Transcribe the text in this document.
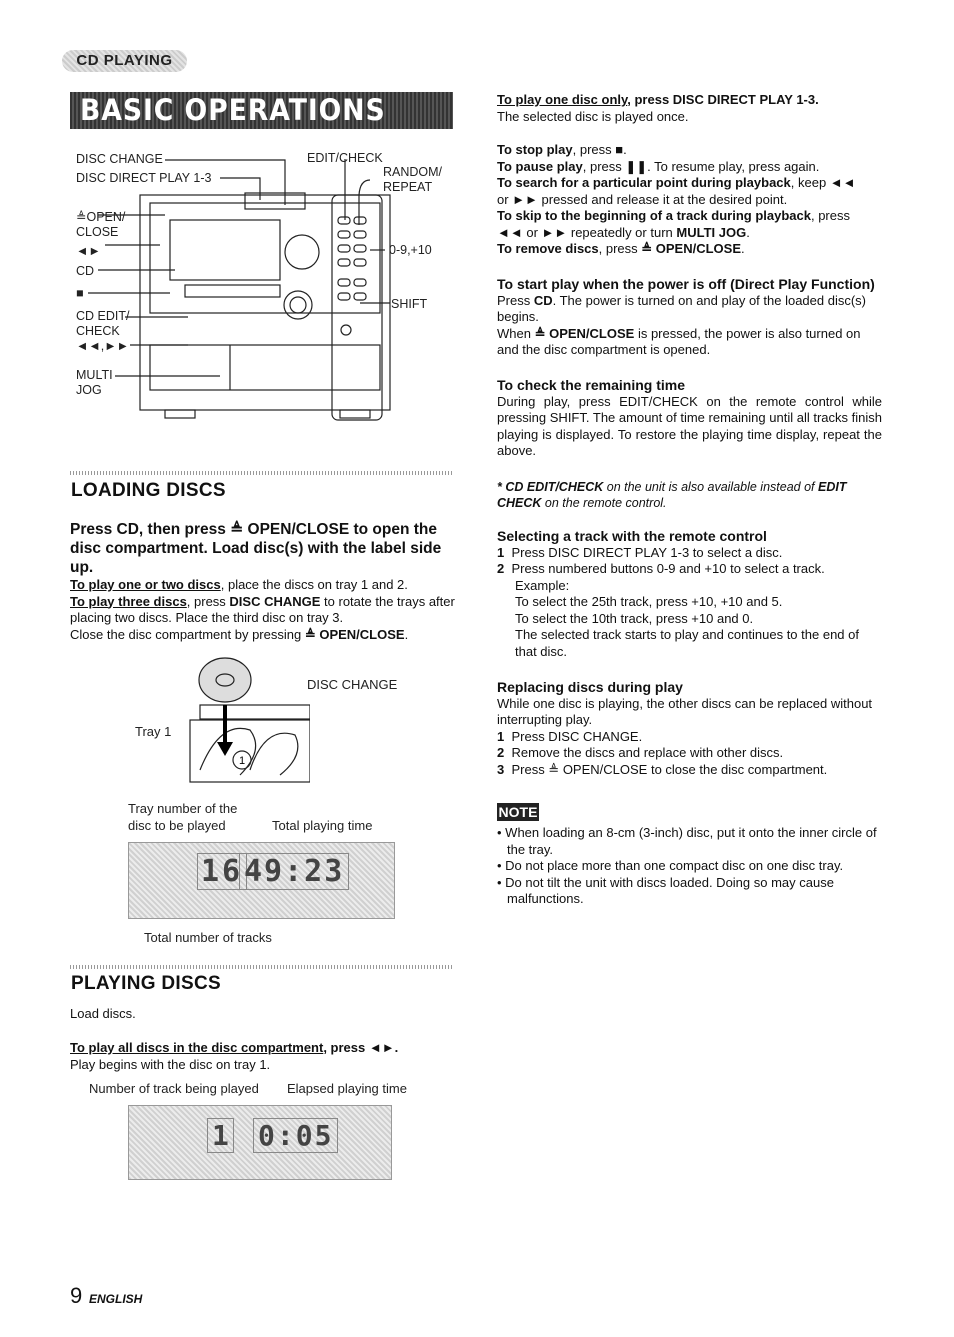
CD PLAYING
BASIC OPERATIONS
DISC CHANGE
DISC DIRECT PLAY 1-3
≜OPEN/
CLOSE
◄►
CD
■
CD EDIT/
CHECK
◄◄,►►
MULTI
JOG
EDIT/CHECK
RANDOM/
REPEAT
0-9,+10
SHIFT
LOADING DISCS
Press CD, then press ≜ OPEN/CLOSE to open the disc compartment. Load disc(s) with the label side up.
To play one or two discs, place the discs on tray 1 and 2.
To play three discs, press DISC CHANGE to rotate the trays after placing two discs. Place the third disc on tray 3.
Close the disc compartment by pressing ≜ OPEN/CLOSE.
1
DISC CHANGE
Tray 1
Tray number of the
disc to be played	Total playing time
16 49:23
Total number of tracks
PLAYING DISCS
Load discs.
To play all discs in the disc compartment, press ◄►.
Play begins with the disc on tray 1.
Number of track being played Elapsed playing time
1 0:05
To play one disc only, press DISC DIRECT PLAY 1-3.
The selected disc is played once.
To stop play, press ■.
To pause play, press ❚❚. To resume play, press again.
To search for a particular point during playback, keep ◄◄
or ►► pressed and release it at the desired point.
To skip to the beginning of a track during playback, press
◄◄ or ►► repeatedly or turn MULTI JOG.
To remove discs, press ≜ OPEN/CLOSE.
To start play when the power is off (Direct Play Function)
Press CD. The power is turned on and play of the loaded disc(s) begins.
When ≜ OPEN/CLOSE is pressed, the power is also turned on and the disc compartment is opened.
To check the remaining time
During play, press EDIT/CHECK on the remote control while pressing SHIFT. The amount of time remaining until all tracks finish playing is displayed. To restore the playing time display, repeat the above.
* CD EDIT/CHECK on the unit is also available instead of EDIT CHECK on the remote control.
Selecting a track with the remote control
1 Press DISC DIRECT PLAY 1-3 to select a disc.
2 Press numbered buttons 0-9 and +10 to select a track.
Example:
To select the 25th track, press +10, +10 and 5.
To select the 10th track, press +10 and 0.
The selected track starts to play and continues to the end of that disc.
Replacing discs during play
While one disc is playing, the other discs can be replaced without interrupting play.
1 Press DISC CHANGE.
2 Remove the discs and replace with other discs.
3 Press ≜ OPEN/CLOSE to close the disc compartment.
NOTE
• When loading an 8-cm (3-inch) disc, put it onto the inner circle of the tray.
• Do not place more than one compact disc on one disc tray.
• Do not tilt the unit with discs loaded. Doing so may cause malfunctions.
9 ENGLISH
